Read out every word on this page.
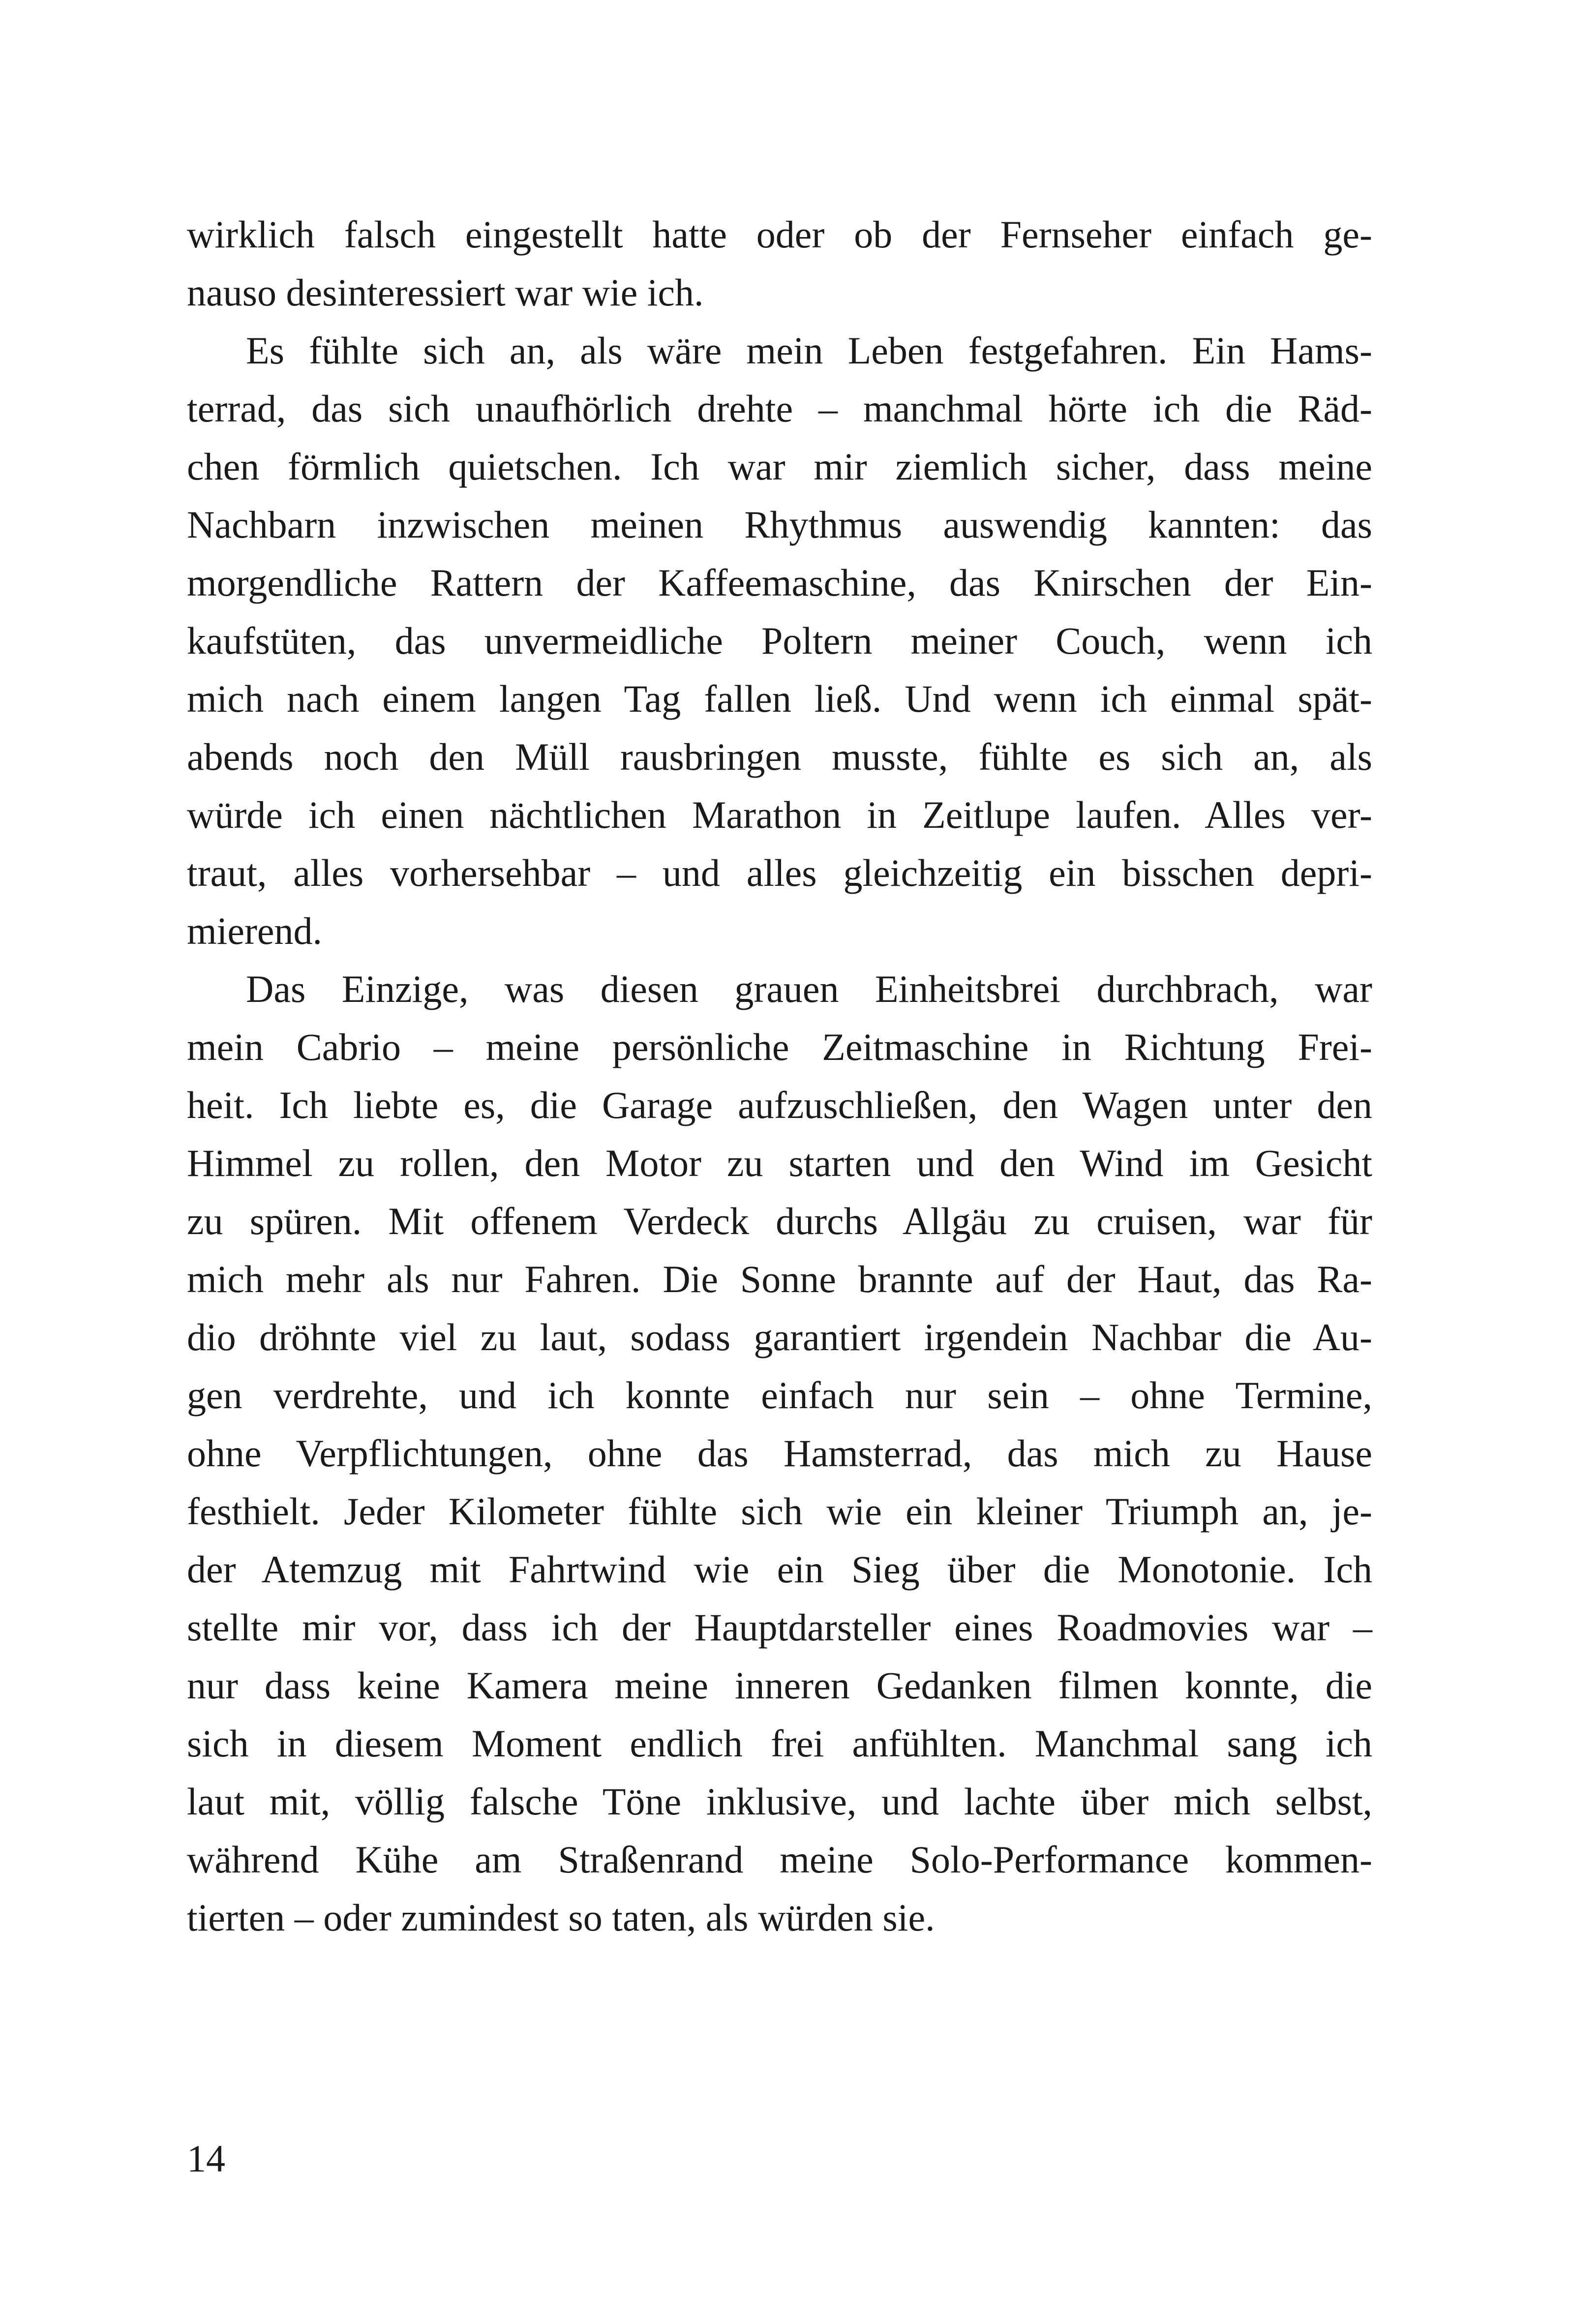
wirklich falsch eingestellt hatte oder ob der Fernseher einfach ge-
nauso desinteressiert war wie ich.
Es fühlte sich an, als wäre mein Leben festgefahren. Ein Hams-
terrad, das sich unaufhörlich drehte – manchmal hörte ich die Räd-
chen förmlich quietschen. Ich war mir ziemlich sicher, dass meine
Nachbarn inzwischen meinen Rhythmus auswendig kannten: das
morgendliche Rattern der Kaffeemaschine, das Knirschen der Ein-
kaufstüten, das unvermeidliche Poltern meiner Couch, wenn ich
mich nach einem langen Tag fallen ließ. Und wenn ich einmal spät-
abends noch den Müll rausbringen musste, fühlte es sich an, als
würde ich einen nächtlichen Marathon in Zeitlupe laufen. Alles ver-
traut, alles vorhersehbar – und alles gleichzeitig ein bisschen depri-
mierend.
Das Einzige, was diesen grauen Einheitsbrei durchbrach, war
mein Cabrio – meine persönliche Zeitmaschine in Richtung Frei-
heit. Ich liebte es, die Garage aufzuschließen, den Wagen unter den
Himmel zu rollen, den Motor zu starten und den Wind im Gesicht
zu spüren. Mit offenem Verdeck durchs Allgäu zu cruisen, war für
mich mehr als nur Fahren. Die Sonne brannte auf der Haut, das Ra-
dio dröhnte viel zu laut, sodass garantiert irgendein Nachbar die Au-
gen verdrehte, und ich konnte einfach nur sein – ohne Termine,
ohne Verpflichtungen, ohne das Hamsterrad, das mich zu Hause
festhielt. Jeder Kilometer fühlte sich wie ein kleiner Triumph an, je-
der Atemzug mit Fahrtwind wie ein Sieg über die Monotonie. Ich
stellte mir vor, dass ich der Hauptdarsteller eines Roadmovies war –
nur dass keine Kamera meine inneren Gedanken filmen konnte, die
sich in diesem Moment endlich frei anfühlten. Manchmal sang ich
laut mit, völlig falsche Töne inklusive, und lachte über mich selbst,
während Kühe am Straßenrand meine Solo-Performance kommen-
tierten – oder zumindest so taten, als würden sie.
14
